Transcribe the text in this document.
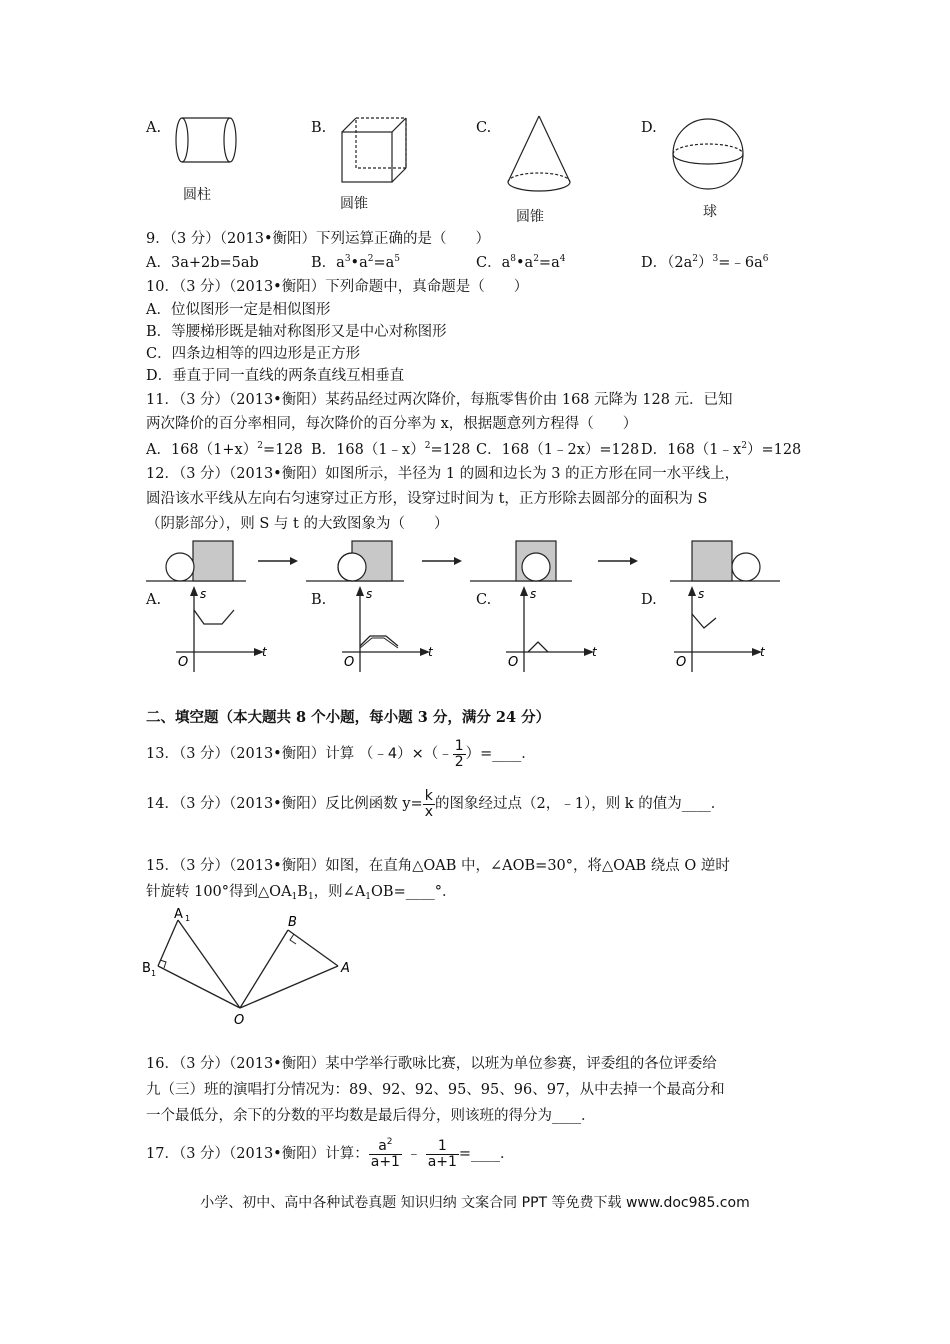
A.
圆柱
B.
圆锥
C.
圆锥
D.
球
9．（3 分）（2013•衡阳）下列运算正确的是（　　）
A．3a+2b=5ab	B．$a^3•a^2=a^5$	C．$a^8•a^2=a^4$	D．$(2a^2)^3=﹣6a^6$
10．（3 分）（2013•衡阳）下列命题中，真命题是（　　）
A．位似图形一定是相似图形
B．等腰梯形既是轴对称图形又是中心对称图形
C．四条边相等的四边形是正方形
D．垂直于同一直线的两条直线互相垂直
11．（3 分）（2013•衡阳）某药品经过两次降价，每瓶零售价由 168 元降为 128 元．已知
两次降价的百分率相同，每次降价的百分率为 x，根据题意列方程得（　　）
A．$168(1+x)^2=128$ B．168（1﹣x）$^2$=128 C．168（1﹣2x）=128 D．$168(1﹣x^2)=128$
12．（3 分）（2013•衡阳）如图所示，半径为 1 的圆和边长为 3 的正方形在同一水平线上，
圆沿该水平线从左向右匀速穿过正方形，设穿过时间为 t，正方形除去圆部分的面积为 S
（阴影部分），则 S 与 t 的大致图象为（　　）
A.	s
t
O
B.	s
t
O
C.	s
t
O
D.	s
t
O
二、填空题（本大题共 8 个小题，每小题 3 分，满分 24 分）
13．（3 分）（2013•衡阳）计算 （﹣4）×（﹣ $\frac{1}{2}$ ）=____．
14．（3 分）（2013•衡阳）反比例函数 $y= \frac{k}{x}$ 的图象经过点（2，﹣1），则 k 的值为____．
15．（3 分）（2013•衡阳）如图，在直角△OAB 中，∠AOB=30°，将△OAB 绕点 O 逆时
针旋转 100°得到$\triangle OA_1B_1$，则$\angle A_1OB=\_\_\_\_^\circ$．
A 1
B 1
O
B
A
16．（3 分）（2013•衡阳）某中学举行歌咏比赛，以班为单位参赛，评委组的各位评委给
九（三）班的演唱打分情况为：89、92、92、95、95、96、97，从中去掉一个最高分和
一个最低分，余下的分数的平均数是最后得分，则该班的得分为____．
17．（3 分）（2013•衡阳）计算： $\frac{a^2}{a+1}$ ﹣ $\frac{1}{a+1}$ =____．
小学、初中、高中各种试卷真题 知识归纳 文案合同 PPT 等免费下载 www.doc985.com
